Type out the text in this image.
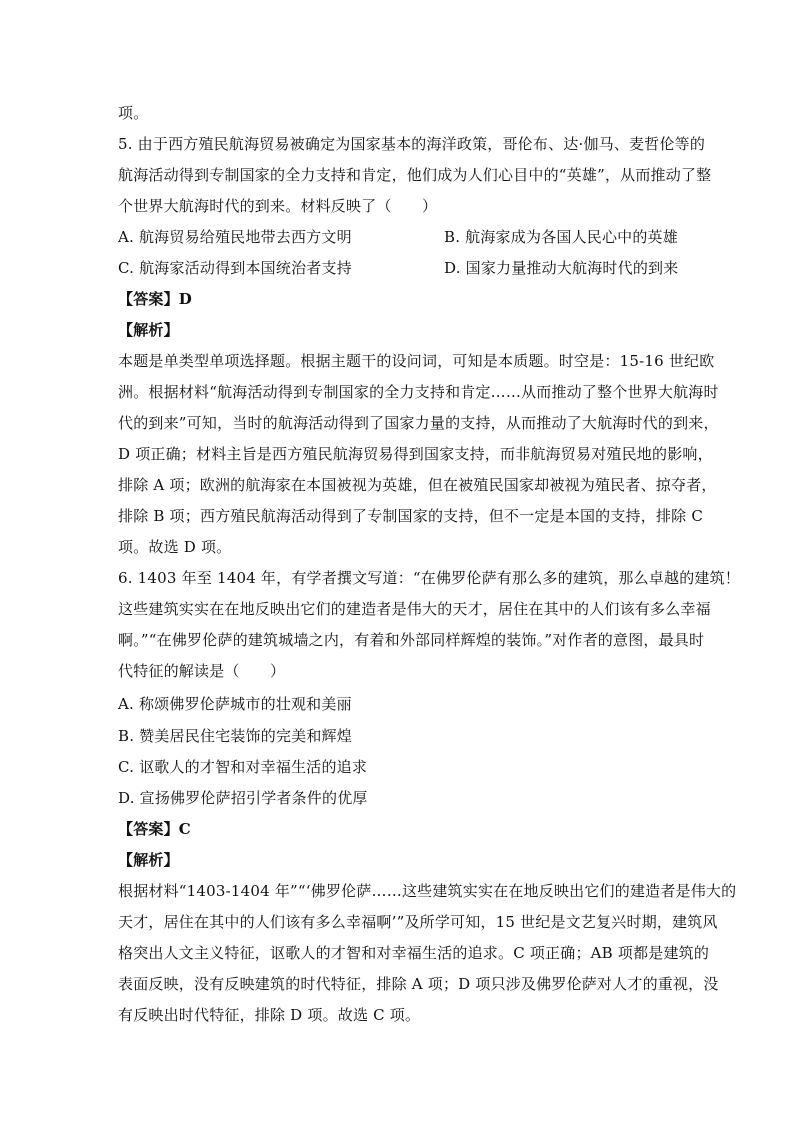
项。
5. 由于西方殖民航海贸易被确定为国家基本的海洋政策，哥伦布、达·伽马、麦哲伦等的
航海活动得到专制国家的全力支持和肯定，他们成为人们心目中的“英雄”，从而推动了整
个世界大航海时代的到来。材料反映了（　　）
A. 航海贸易给殖民地带去西方文明	B. 航海家成为各国人民心中的英雄
C. 航海家活动得到本国统治者支持	D. 国家力量推动大航海时代的到来
【答案】D
【解析】
本题是单类型单项选择题。根据主题干的设问词，可知是本质题。时空是：15-16 世纪欧
洲。根据材料“航海活动得到专制国家的全力支持和肯定……从而推动了整个世界大航海时
代的到来”可知，当时的航海活动得到了国家力量的支持，从而推动了大航海时代的到来，
D 项正确；材料主旨是西方殖民航海贸易得到国家支持，而非航海贸易对殖民地的影响，
排除 A 项；欧洲的航海家在本国被视为英雄，但在被殖民国家却被视为殖民者、掠夺者，
排除 B 项；西方殖民航海活动得到了专制国家的支持，但不一定是本国的支持，排除 C
项。故选 D 项。
6. 1403 年至 1404 年，有学者撰文写道：“在佛罗伦萨有那么多的建筑，那么卓越的建筑！
这些建筑实实在在地反映出它们的建造者是伟大的天才，居住在其中的人们该有多么幸福
啊。”“在佛罗伦萨的建筑城墙之内，有着和外部同样辉煌的装饰。”对作者的意图，最具时
代特征的解读是（　　）
A. 称颂佛罗伦萨城市的壮观和美丽
B. 赞美居民住宅装饰的完美和辉煌
C. 讴歌人的才智和对幸福生活的追求
D. 宣扬佛罗伦萨招引学者条件的优厚
【答案】C
【解析】
根据材料“1403-1404 年”“‘佛罗伦萨……这些建筑实实在在地反映出它们的建造者是伟大的
天才，居住在其中的人们该有多么幸福啊’”及所学可知，15 世纪是文艺复兴时期，建筑风
格突出人文主义特征，讴歌人的才智和对幸福生活的追求。C 项正确；AB 项都是建筑的
表面反映，没有反映建筑的时代特征，排除 A 项；D 项只涉及佛罗伦萨对人才的重视，没
有反映出时代特征，排除 D 项。故选 C 项。
